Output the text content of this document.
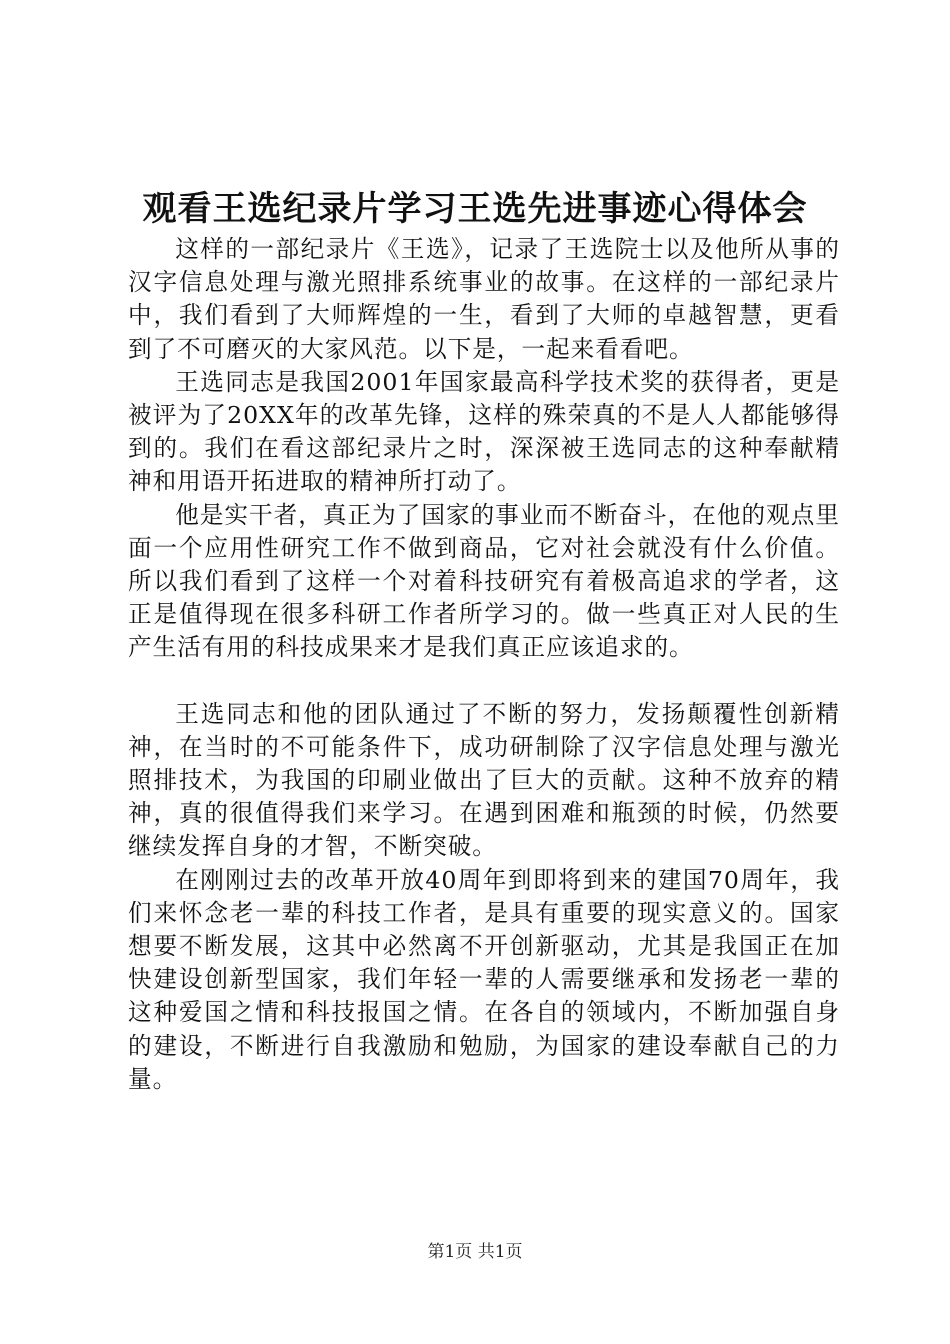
观看王选纪录片学习王选先进事迹心得体会

这样的一部纪录片《王选》，记录了王选院士以及他所从事的汉字信息处理与激光照排系统事业的故事。在这样的一部纪录片中，我们看到了大师辉煌的一生，看到了大师的卓越智慧，更看到了不可磨灭的大家风范。以下是，一起来看看吧。

王选同志是我国2001年国家最高科学技术奖的获得者，更是被评为了20XX年的改革先锋，这样的殊荣真的不是人人都能够得到的。我们在看这部纪录片之时，深深被王选同志的这种奉献精神和用语开拓进取的精神所打动了。

他是实干者，真正为了国家的事业而不断奋斗，在他的观点里面一个应用性研究工作不做到商品，它对社会就没有什么价值。所以我们看到了这样一个对着科技研究有着极高追求的学者，这正是值得现在很多科研工作者所学习的。做一些真正对人民的生产生活有用的科技成果来才是我们真正应该追求的。

王选同志和他的团队通过了不断的努力，发扬颠覆性创新精神，在当时的不可能条件下，成功研制除了汉字信息处理与激光照排技术，为我国的印刷业做出了巨大的贡献。这种不放弃的精神，真的很值得我们来学习。在遇到困难和瓶颈的时候，仍然要继续发挥自身的才智，不断突破。

在刚刚过去的改革开放40周年到即将到来的建国70周年，我们来怀念老一辈的科技工作者，是具有重要的现实意义的。国家想要不断发展，这其中必然离不开创新驱动，尤其是我国正在加快建设创新型国家，我们年轻一辈的人需要继承和发扬老一辈的这种爱国之情和科技报国之情。在各自的领域内，不断加强自身的建设，不断进行自我激励和勉励，为国家的建设奉献自己的力量。

第1页 共1页
